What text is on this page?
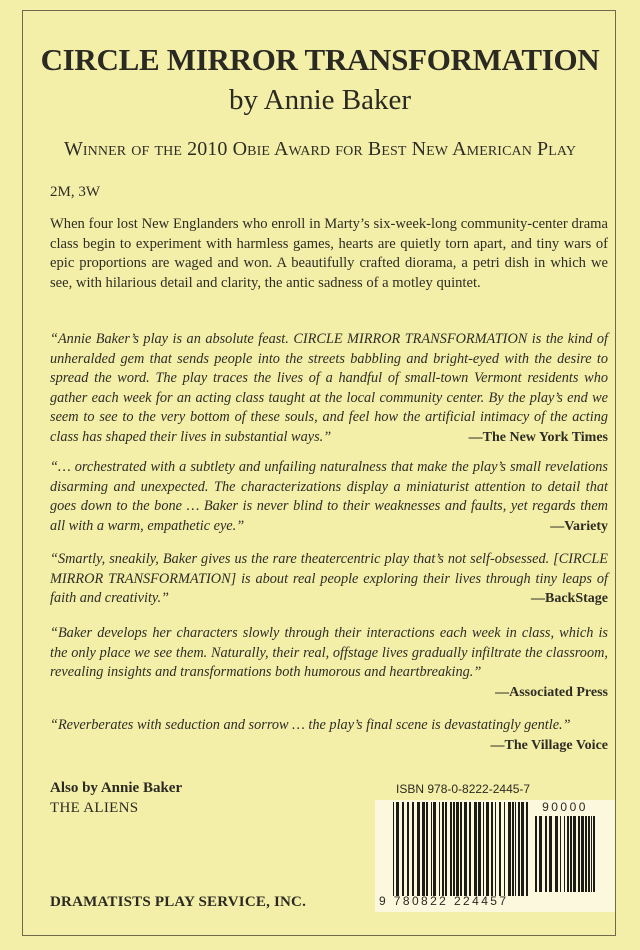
CIRCLE MIRROR TRANSFORMATION
by Annie Baker
Winner of the 2010 Obie Award for Best New American Play
2M, 3W
When four lost New Englanders who enroll in Marty’s six-week-long community-center drama class begin to experiment with harmless games, hearts are quietly torn apart, and tiny wars of epic proportions are waged and won. A beautifully crafted diorama, a petri dish in which we see, with hilarious detail and clarity, the antic sadness of a motley quintet.
“Annie Baker’s play is an absolute feast. CIRCLE MIRROR TRANSFORMATION is the kind of unheralded gem that sends people into the streets babbling and bright-eyed with the desire to spread the word. The play traces the lives of a handful of small-town Vermont residents who gather each week for an acting class taught at the local community center. By the play’s end we seem to see to the very bottom of these souls, and feel how the artificial intimacy of the acting class has shaped their lives in substantial ways.”	—The New York Times
“… orchestrated with a subtlety and unfailing naturalness that make the play’s small revelations disarming and unexpected. The characterizations display a miniaturist attention to detail that goes down to the bone … Baker is never blind to their weaknesses and faults, yet regards them all with a warm, empathetic eye.”	—Variety
“Smartly, sneakily, Baker gives us the rare theatercentric play that’s not self-obsessed. [CIRCLE MIRROR TRANSFORMATION] is about real people exploring their lives through tiny leaps of faith and creativity.”	—BackStage
“Baker develops her characters slowly through their interactions each week in class, which is the only place we see them. Naturally, their real, offstage lives gradually infiltrate the classroom, revealing insights and transformations both humorous and heartbreaking.”
—Associated Press
“Reverberates with seduction and sorrow … the play’s final scene is devastatingly gentle.”
—The Village Voice
Also by Annie Baker
THE ALIENS
DRAMATISTS PLAY SERVICE, INC.
ISBN 978-0-8222-2445-7
90000
9 780822 224457
